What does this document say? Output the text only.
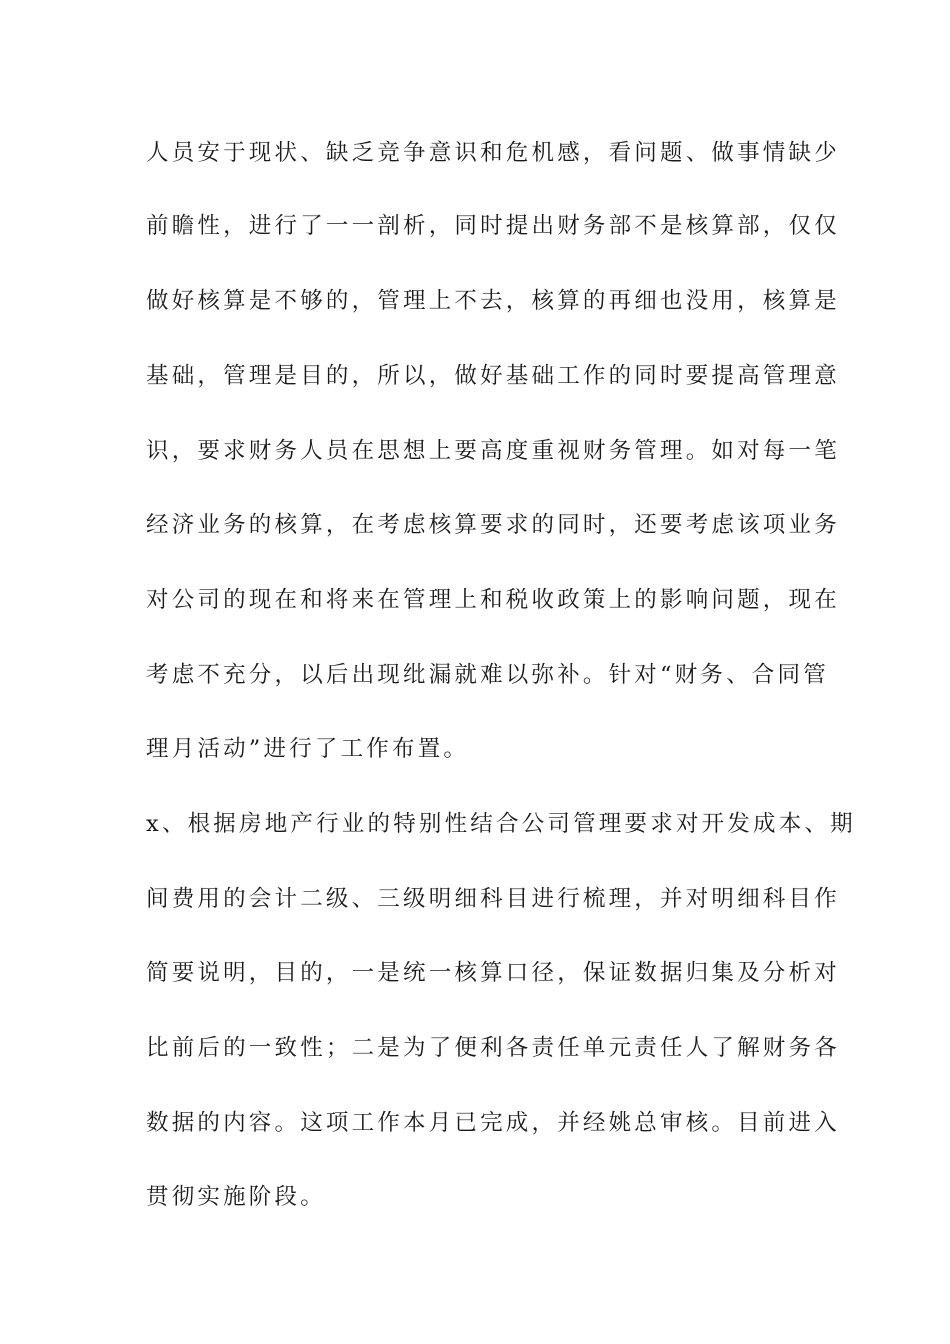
人员安于现状、缺乏竞争意识和危机感，看问题、做事情缺少
前瞻性，进行了一一剖析，同时提出财务部不是核算部，仅仅
做好核算是不够的，管理上不去，核算的再细也没用，核算是
基础，管理是目的，所以，做好基础工作的同时要提高管理意
识，要求财务人员在思想上要高度重视财务管理。如对每一笔
经济业务的核算，在考虑核算要求的同时，还要考虑该项业务
对公司的现在和将来在管理上和税收政策上的影响问题，现在
考虑不充分，以后出现纰漏就难以弥补。针对“财务、合同管
理月活动”进行了工作布置。
x、根据房地产行业的特别性结合公司管理要求对开发成本、期
间费用的会计二级、三级明细科目进行梳理，并对明细科目作
简要说明，目的，一是统一核算口径，保证数据归集及分析对
比前后的一致性；二是为了便利各责任单元责任人了解财务各
数据的内容。这项工作本月已完成，并经姚总审核。目前进入
贯彻实施阶段。
